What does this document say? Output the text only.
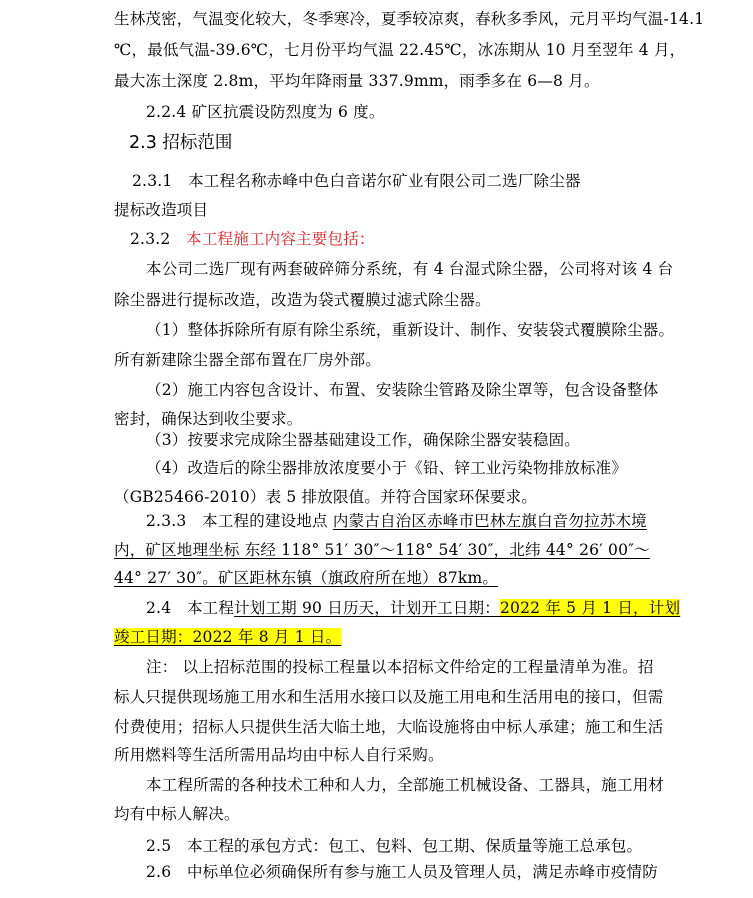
生林茂密，气温变化较大，冬季寒冷，夏季较凉爽，春秋多季风，元月平均气温-14.1
℃，最低气温-39.6℃，七月份平均气温 22.45℃，冰冻期从 10 月至翌年 4 月，
最大冻土深度 2.8m，平均年降雨量 337.9mm，雨季多在 6—8 月。
2.2.4 矿区抗震设防烈度为 6 度。
2.3 招标范围
2.3.1　本工程名称赤峰中色白音诺尔矿业有限公司二选厂除尘器
提标改造项目
2.3.2　本工程施工内容主要包括：
本公司二选厂现有两套破碎筛分系统，有 4 台湿式除尘器，公司将对该 4 台
除尘器进行提标改造，改造为袋式覆膜过滤式除尘器。
（1）整体拆除所有原有除尘系统，重新设计、制作、安装袋式覆膜除尘器。
所有新建除尘器全部布置在厂房外部。
（2）施工内容包含设计、布置、安装除尘管路及除尘罩等，包含设备整体
密封，确保达到收尘要求。
（3）按要求完成除尘器基础建设工作，确保除尘器安装稳固。
（4）改造后的除尘器排放浓度要小于《铅、锌工业污染物排放标准》
（GB25466-2010）表 5 排放限值。并符合国家环保要求。
2.3.3　本工程的建设地点 内蒙古自治区赤峰市巴林左旗白音勿拉苏木境
内，矿区地理坐标 东经 118° 51′ 30″～118° 54′ 30″，北纬 44° 26′ 00″～
44° 27′ 30″。矿区距林东镇（旗政府所在地）87km。
2.4　本工程计划工期 90 日历天，计划开工日期：2022 年 5 月 1 日，计划
竣工日期：2022 年 8 月 1 日。
注： 以上招标范围的投标工程量以本招标文件给定的工程量清单为准。招
标人只提供现场施工用水和生活用水接口以及施工用电和生活用电的接口，但需
付费使用；招标人只提供生活大临土地，大临设施将由中标人承建；施工和生活
所用燃料等生活所需用品均由中标人自行采购。
本工程所需的各种技术工种和人力，全部施工机械设备、工器具，施工用材
均有中标人解决。
2.5　本工程的承包方式：包工、包料、包工期、保质量等施工总承包。
2.6　中标单位必须确保所有参与施工人员及管理人员，满足赤峰市疫情防
